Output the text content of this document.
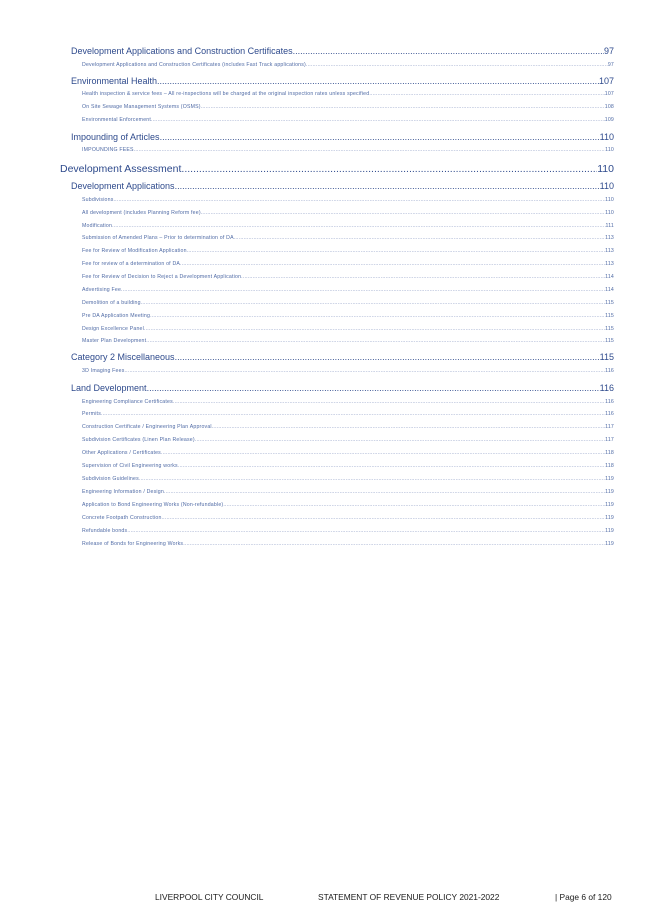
Development Applications and Construction Certificates .....	97
Development Applications and Construction Certificates (includes Fast Track applications) .....	97
Environmental Health .....	107
Health inspection & service fees – All re-inspections will be charged at the original inspection rates unless specified .....	107
On Site Sewage Management Systems (OSMS) .....	108
Environmental Enforcement .....	109
Impounding of Articles .....	110
IMPOUNDING FEES .....	110
Development Assessment .....	110
Development Applications .....	110
Subdivisions .....	110
All development (includes Planning Reform fee) .....	110
Modification .....	111
Submission of Amended Plans – Prior to determination of DA .....	113
Fee for Review of Modification Application .....	113
Fee for review of a determination of DA .....	113
Fee for Review of Decision to Reject a Development Application .....	114
Advertising Fee .....	114
Demolition of a building .....	115
Pre DA Application Meeting .....	115
Design Excellence Panel .....	115
Master Plan Development .....	115
Category 2 Miscellaneous .....	115
3D Imaging Fees .....	116
Land Development .....	116
Engineering Compliance Certificates .....	116
Permits .....	116
Construction Certificate / Engineering Plan Approval .....	117
Subdivision Certificates (Linen Plan Release) .....	117
Other Applications / Certificates .....	118
Supervision of Civil Engineering works .....	118
Subdivision Guidelines .....	119
Engineering Information / Design .....	119
Application to Bond Engineering Works (Non-refundable) .....	119
Concrete Footpath Construction .....	119
Refundable bonds .....	119
Release of Bonds for Engineering Works .....	119
LIVERPOOL CITY COUNCIL	STATEMENT OF REVENUE POLICY 2021-2022	| Page 6 of 120
